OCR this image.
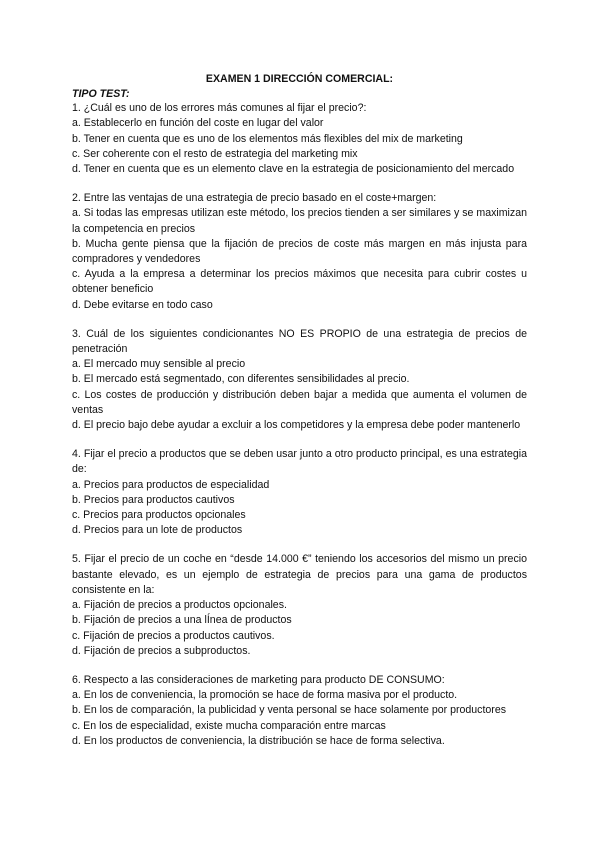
EXAMEN 1 DIRECCIÓN COMERCIAL:

TIPO TEST:

1. ¿Cuál es uno de los errores más comunes al fijar el precio?:

a. Establecerlo en función del coste en lugar del valor

b. Tener en cuenta que es uno de los elementos más flexibles del mix de marketing

c. Ser coherente con el resto de estrategia del marketing mix

d. Tener en cuenta que es un elemento clave en la estrategia de posicionamiento del mercado

2. Entre las ventajas de una estrategia de precio basado en el coste+margen:

a. Si todas las empresas utilizan este método, los precios tienden a ser similares y se maximizan la competencia en precios

b. Mucha gente piensa que la fijación de precios de coste más margen en más injusta para compradores y vendedores

c. Ayuda a la empresa a determinar los precios máximos que necesita para cubrir costes u obtener beneficio

d. Debe evitarse en todo caso

3. Cuál de los siguientes condicionantes NO ES PROPIO de una estrategia de precios de penetración

a. El mercado muy sensible al precio

b. El mercado está segmentado, con diferentes sensibilidades al precio.

c. Los costes de producción y distribución deben bajar a medida que aumenta el volumen de ventas

d. El precio bajo debe ayudar a excluir a los competidores y la empresa debe poder mantenerlo

4. Fijar el precio a productos que se deben usar junto a otro producto principal, es una estrategia de:

a. Precios para productos de especialidad

b. Precios para productos cautivos

c. Precios para productos opcionales

d. Precios para un lote de productos

5. Fijar el precio de un coche en “desde 14.000 €” teniendo los accesorios del mismo un precio bastante elevado, es un ejemplo de estrategia de precios para una gama de productos consistente en la:

a. Fijación de precios a productos opcionales.

b. Fijación de precios a una lÍnea de productos

c. Fijación de precios a productos cautivos.

d. Fijación de precios a subproductos.

6. Respecto a las consideraciones de marketing para producto DE CONSUMO:

a. En los de conveniencia, la promoción se hace de forma masiva por el producto.

b. En los de comparación, la publicidad y venta personal se hace solamente por productores

c. En los de especialidad, existe mucha comparación entre marcas

d. En los productos de conveniencia, la distribución se hace de forma selectiva.
